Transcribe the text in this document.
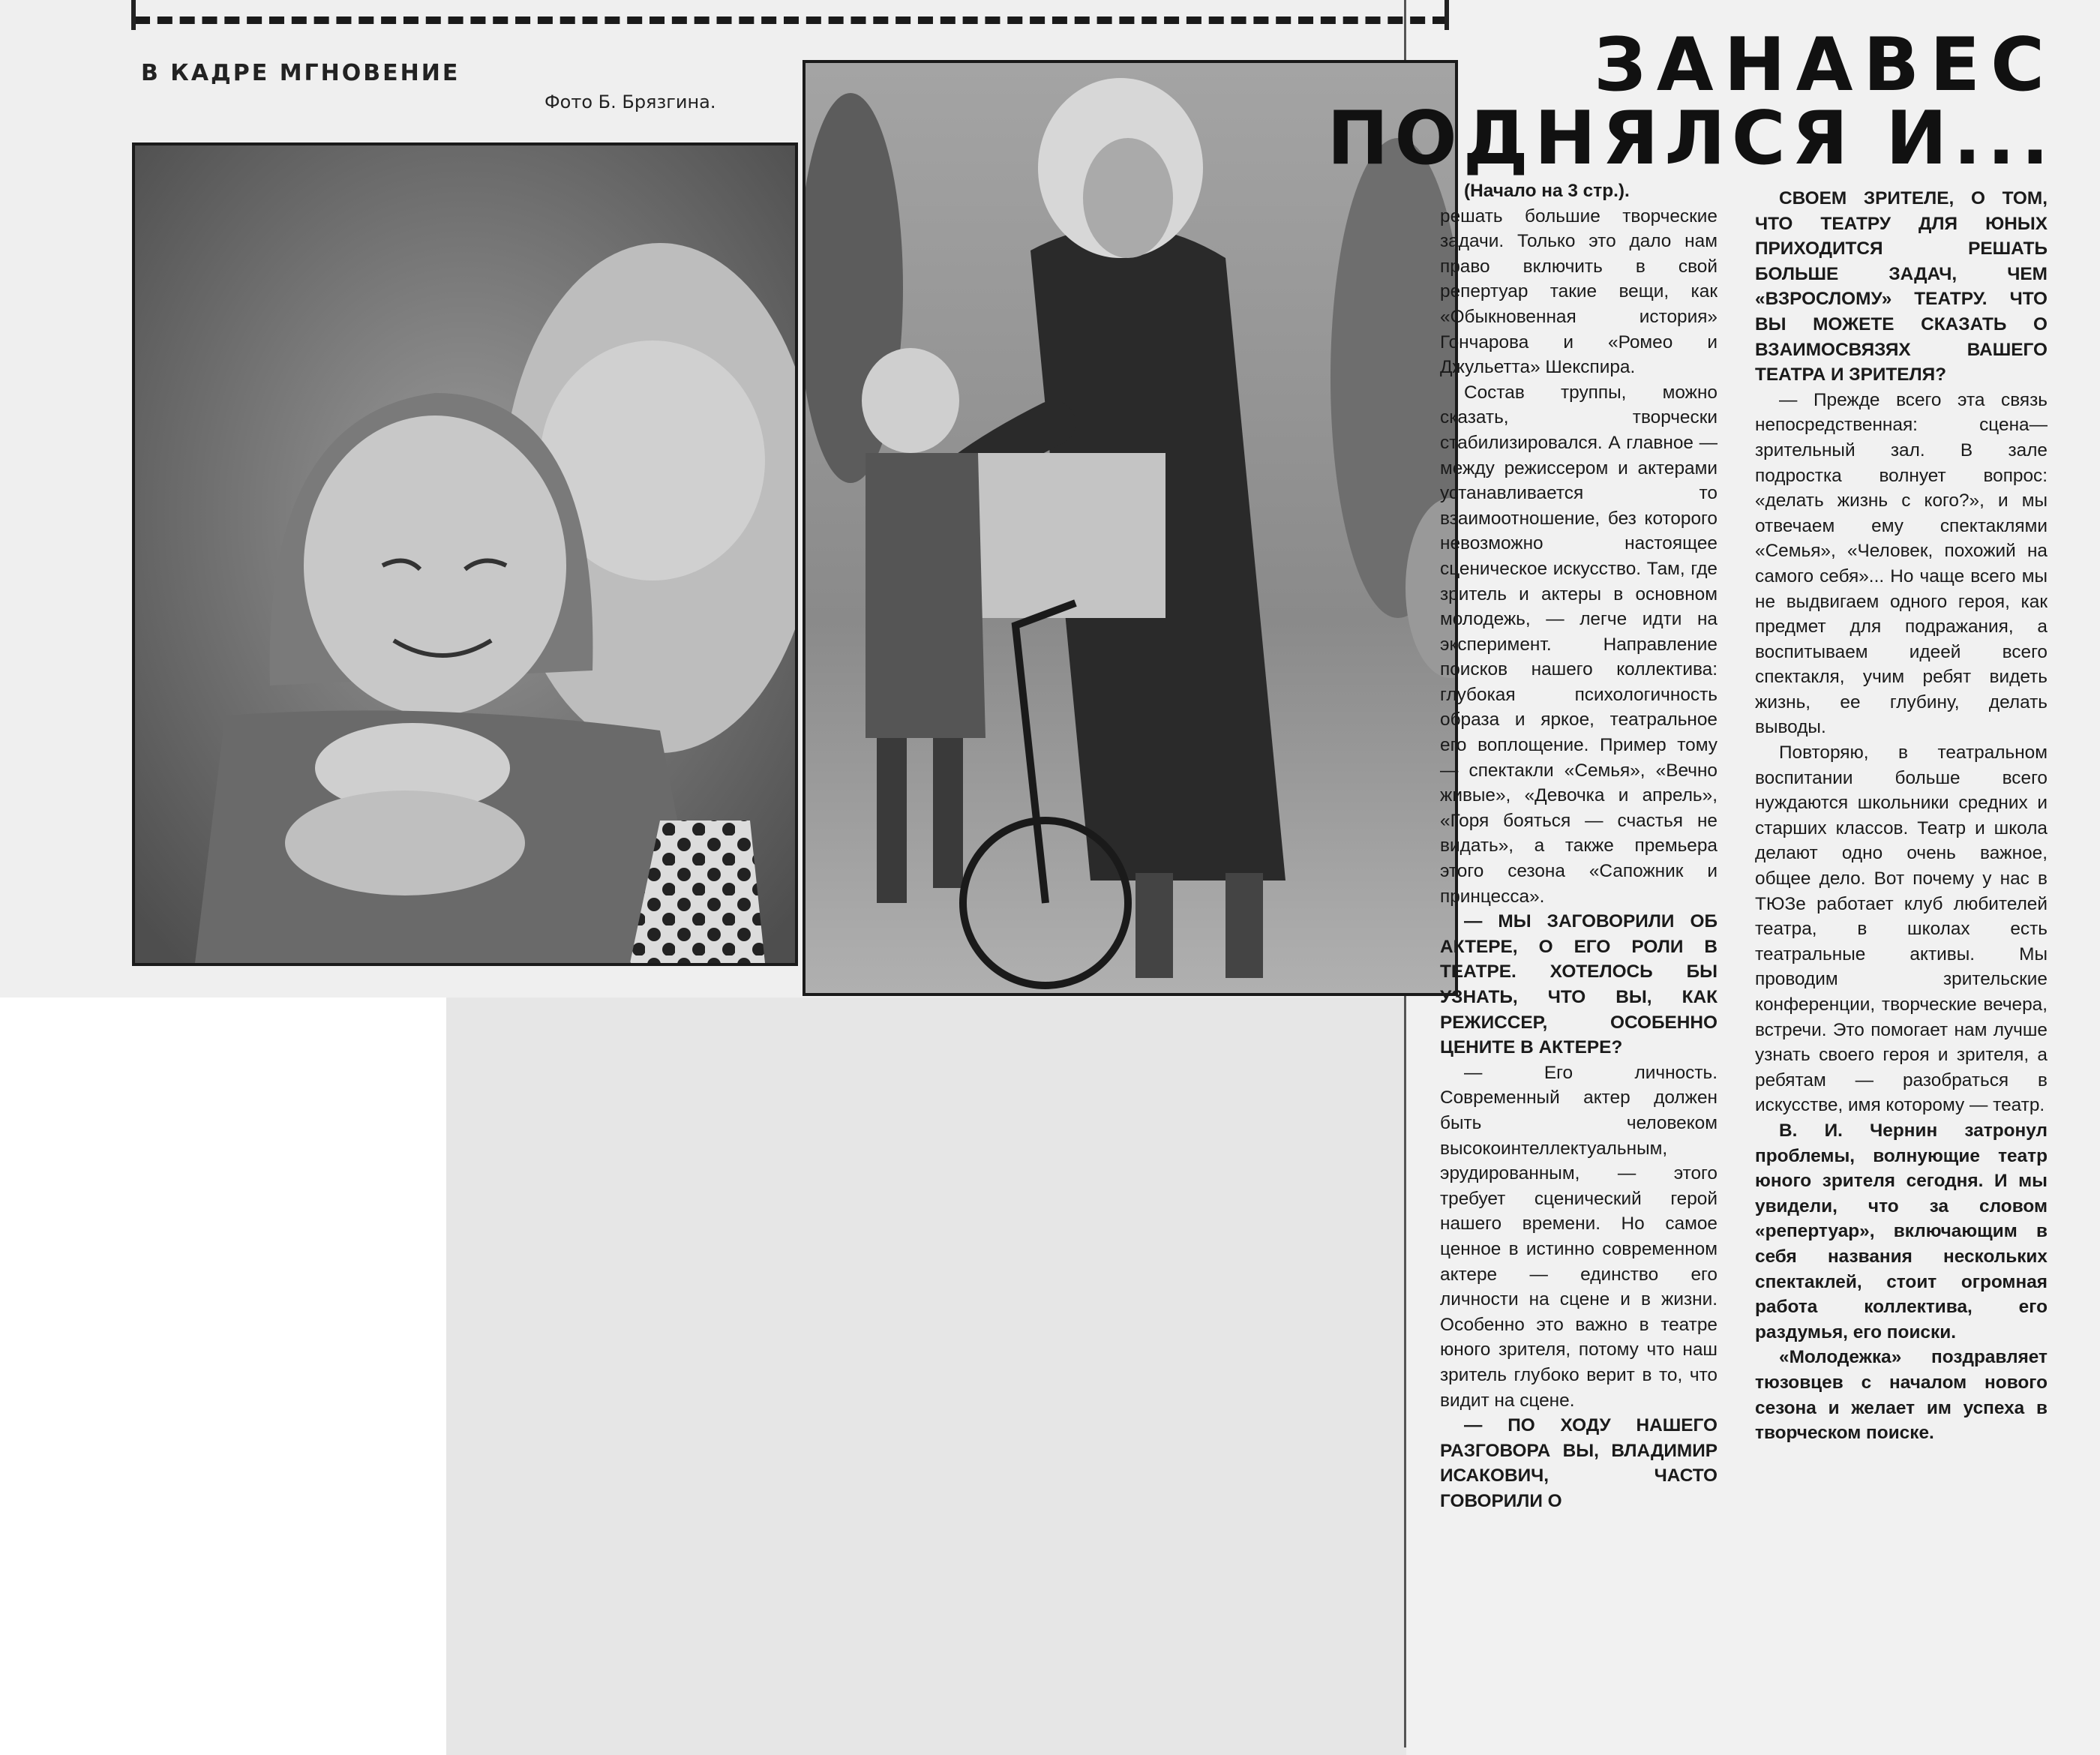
В КАДРЕ МГНОВЕНИЕ
Фото Б. Брязгина.	ЗАНАВЕС
ПОДНЯЛСЯ И...

(Начало на 3 стр.).

решать большие творческие задачи. Только это дало нам право включить в свой репертуар такие вещи, как «Обыкновенная история» Гончарова и «Ромео и Джульетта» Шекспира.

Состав труппы, можно сказать, творчески стабилизировался. А главное — между режиссером и актерами устанавливается то взаимоотношение, без которого невозможно настоящее сценическое искусство. Там, где зритель и актеры в основном молодежь, — легче идти на эксперимент. Направление поисков нашего коллектива: глубокая психологичность образа и яркое, театральное его воплощение. Пример тому — спектакли «Семья», «Вечно живые», «Девочка и апрель», «Горя бояться — счастья не видать», а также премьера этого сезона «Сапожник и принцесса».

— МЫ ЗАГОВОРИЛИ ОБ АКТЕРЕ, О ЕГО РОЛИ В ТЕАТРЕ. ХОТЕЛОСЬ БЫ УЗНАТЬ, ЧТО ВЫ, КАК РЕЖИССЕР, ОСОБЕННО ЦЕНИТЕ В АКТЕРЕ?

— Его личность. Современный актер должен быть человеком высокоинтеллектуальным, эрудированным, — этого требует сценический герой нашего времени. Но самое ценное в истинно современном актере — единство его личности на сцене и в жизни. Особенно это важно в театре юного зрителя, потому что наш зритель глубоко верит в то, что видит на сцене.

— ПО ХОДУ НАШЕГО РАЗГОВОРА ВЫ, ВЛАДИМИР ИСАКОВИЧ, ЧАСТО ГОВОРИЛИ О

СВОЕМ ЗРИТЕЛЕ, О ТОМ, ЧТО ТЕАТРУ ДЛЯ ЮНЫХ ПРИХОДИТСЯ РЕШАТЬ БОЛЬШЕ ЗАДАЧ, ЧЕМ «ВЗРОСЛОМУ» ТЕАТРУ. ЧТО ВЫ МОЖЕТЕ СКАЗАТЬ О ВЗАИМОСВЯЗЯХ ВАШЕГО ТЕАТРА И ЗРИТЕЛЯ?

— Прежде всего эта связь непосредственная: сцена— зрительный зал. В зале подростка волнует вопрос: «делать жизнь с кого?», и мы отвечаем ему спектаклями «Семья», «Человек, похожий на самого себя»... Но чаще всего мы не выдвигаем одного героя, как предмет для подражания, а воспитываем идеей всего спектакля, учим ребят видеть жизнь, ее глубину, делать выводы.

Повторяю, в театральном воспитании больше всего нуждаются школьники средних и старших классов. Театр и школа делают одно очень важное, общее дело. Вот почему у нас в ТЮЗе работает клуб любителей театра, в школах есть театральные активы. Мы проводим зрительские конференции, творческие вечера, встречи. Это помогает нам лучше узнать своего героя и зрителя, а ребятам — разобраться в искусстве, имя которому — театр.

В. И. Чернин затронул проблемы, волнующие театр юного зрителя сегодня. И мы увидели, что за словом «репертуар», включающим в себя названия нескольких спектаклей, стоит огромная работа коллектива, его раздумья, его поиски.

«Молодежка» поздравляет тюзовцев с началом нового сезона и желает им успеха в творческом поиске.
